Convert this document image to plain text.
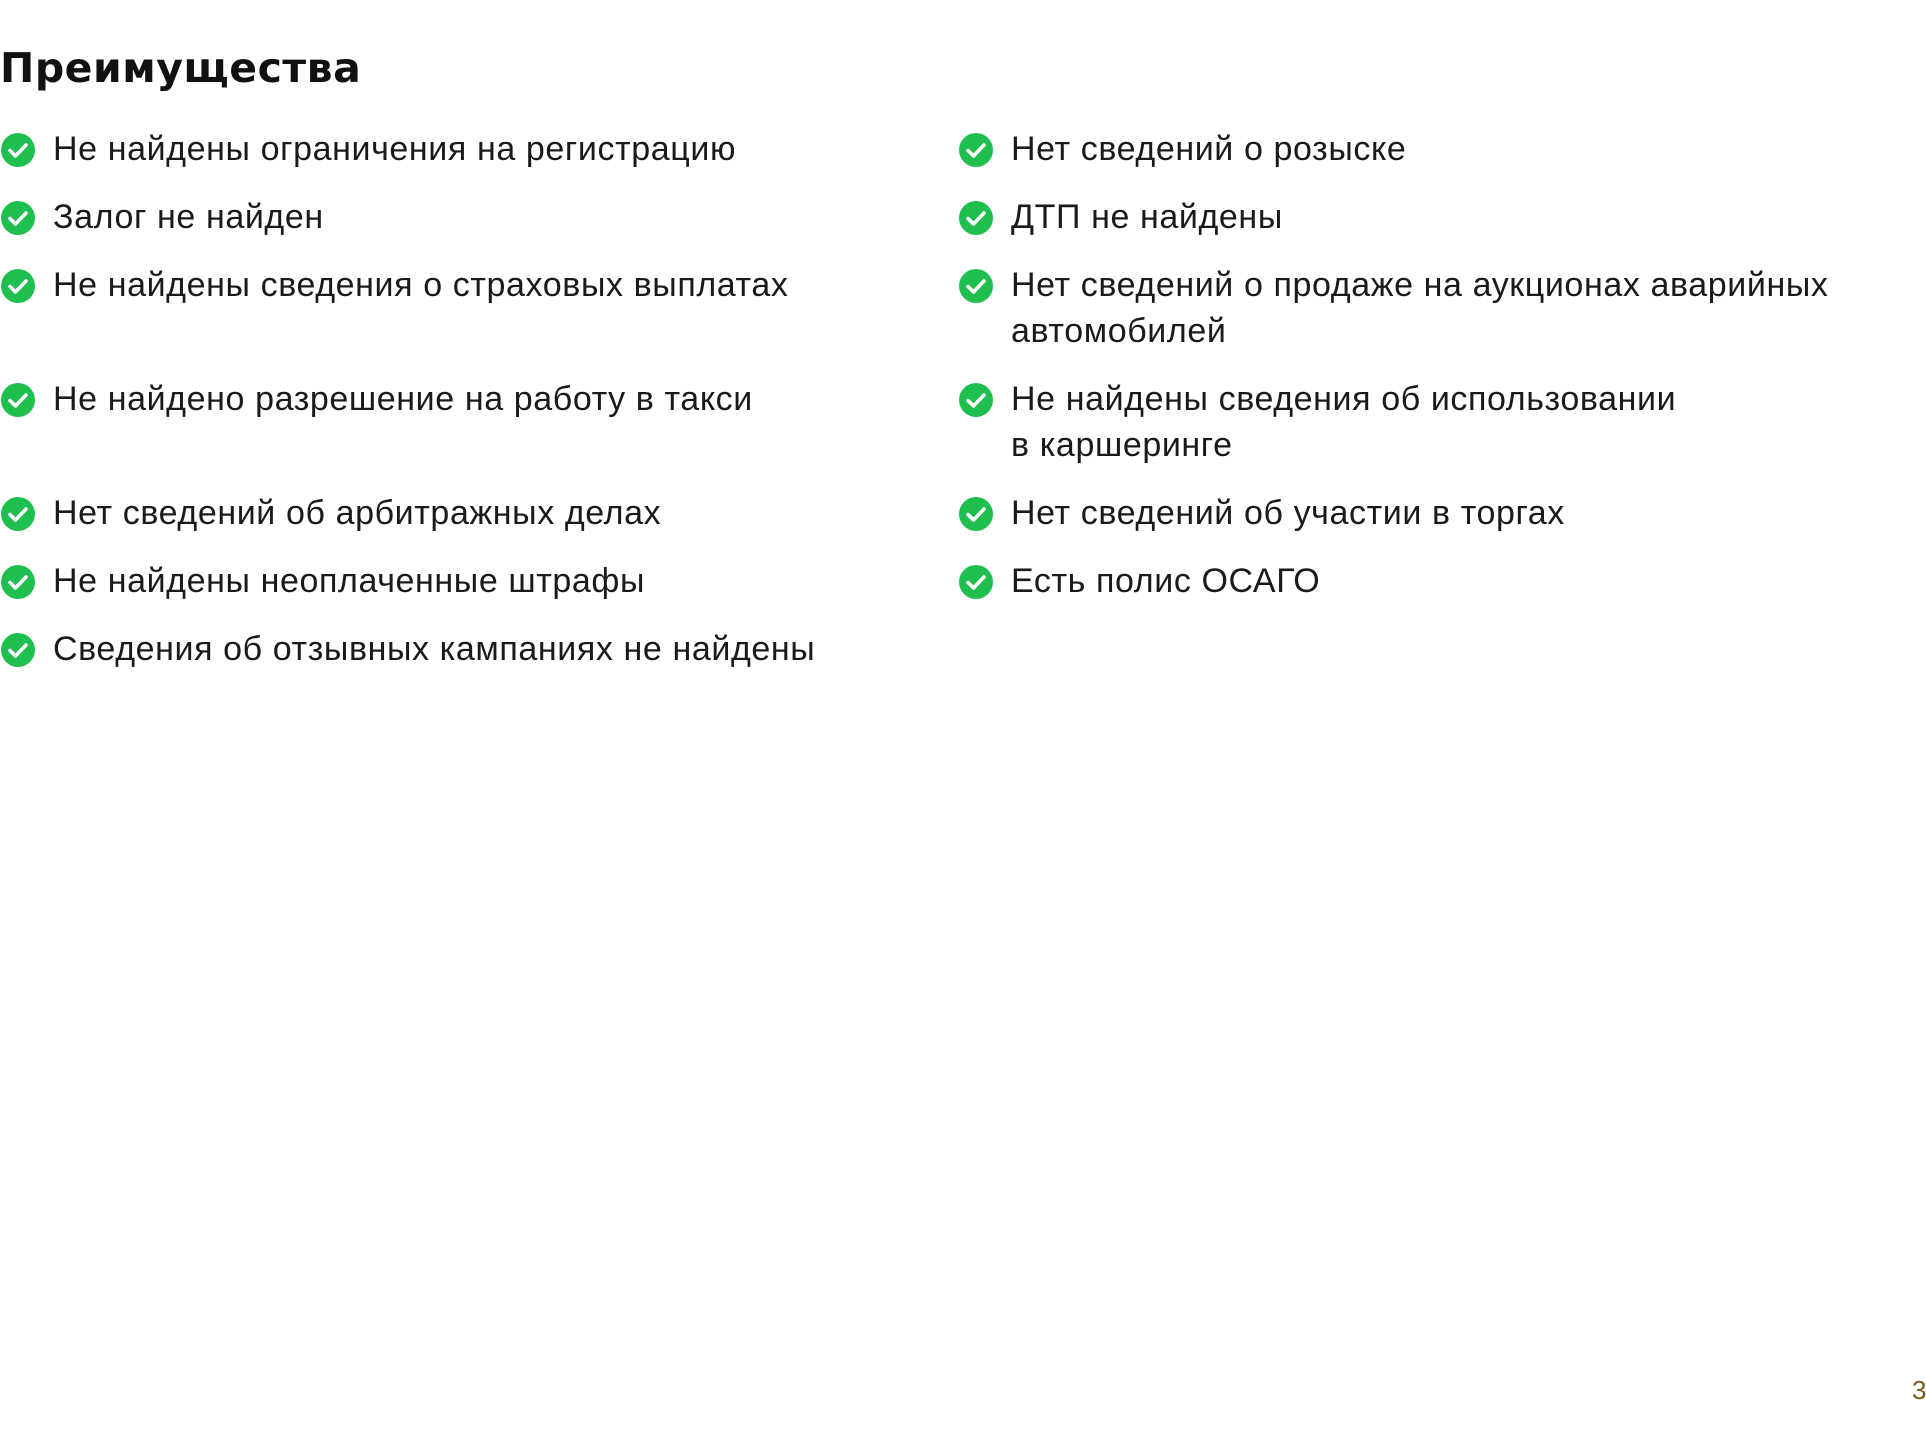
Преимущества
Не найдены ограничения на регистрацию
Залог не найден
Не найдены сведения о страховых выплатах
Не найдено разрешение на работу в такси
Нет сведений об арбитражных делах
Не найдены неоплаченные штрафы
Сведения об отзывных кампаниях не найдены
Нет сведений о розыске
ДТП не найдены
Нет сведений о продаже на аукционах аварийных
автомобилей
Не найдены сведения об использовании
в каршеринге
Нет сведений об участии в торгах
Есть полис ОСАГО
3
